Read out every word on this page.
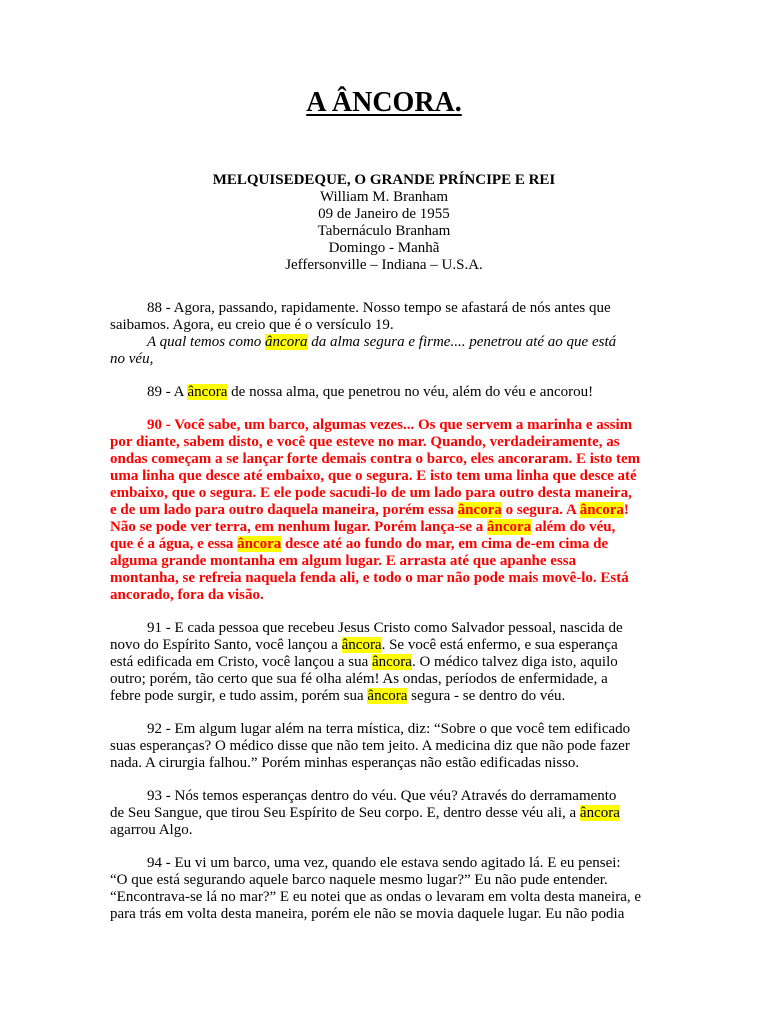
A ÂNCORA.
MELQUISEDEQUE, O GRANDE PRÍNCIPE E REI
William M. Branham
09 de Janeiro de 1955
Tabernáculo Branham
Domingo - Manhã
Jeffersonville – Indiana – U.S.A.
88 - Agora, passando, rapidamente. Nosso tempo se afastará de nós antes que
saibamos. Agora, eu creio que é o versículo 19.
A qual temos como âncora da alma segura e firme.... penetrou até ao que está
no véu,
89 - A âncora de nossa alma, que penetrou no véu, além do véu e ancorou!
90 - Você sabe, um barco, algumas vezes... Os que servem a marinha e assim
por diante, sabem disto, e você que esteve no mar. Quando, verdadeiramente, as
ondas começam a se lançar forte demais contra o barco, eles ancoraram. E isto tem
uma linha que desce até embaixo, que o segura. E isto tem uma linha que desce até
embaixo, que o segura. E ele pode sacudi-lo de um lado para outro desta maneira,
e de um lado para outro daquela maneira, porém essa âncora o segura. A âncora!
Não se pode ver terra, em nenhum lugar. Porém lança-se a âncora além do véu,
que é a água, e essa âncora desce até ao fundo do mar, em cima de-em cima de
alguma grande montanha em algum lugar. E arrasta até que apanhe essa
montanha, se refreia naquela fenda ali, e todo o mar não pode mais movê-lo. Está
ancorado, fora da visão.
91 - E cada pessoa que recebeu Jesus Cristo como Salvador pessoal, nascida de
novo do Espírito Santo, você lançou a âncora. Se você está enfermo, e sua esperança
está edificada em Cristo, você lançou a sua âncora. O médico talvez diga isto, aquilo
outro; porém, tão certo que sua fé olha além! As ondas, períodos de enfermidade, a
febre pode surgir, e tudo assim, porém sua âncora segura - se dentro do véu.
92 - Em algum lugar além na terra mística, diz: “Sobre o que você tem edificado
suas esperanças? O médico disse que não tem jeito. A medicina diz que não pode fazer
nada. A cirurgia falhou.” Porém minhas esperanças não estão edificadas nisso.
93 - Nós temos esperanças dentro do véu. Que véu? Através do derramamento
de Seu Sangue, que tirou Seu Espírito de Seu corpo. E, dentro desse véu ali, a âncora
agarrou Algo.
94 - Eu vi um barco, uma vez, quando ele estava sendo agitado lá. E eu pensei:
“O que está segurando aquele barco naquele mesmo lugar?” Eu não pude entender.
“Encontrava-se lá no mar?” E eu notei que as ondas o levaram em volta desta maneira, e
para trás em volta desta maneira, porém ele não se movia daquele lugar. Eu não podia
